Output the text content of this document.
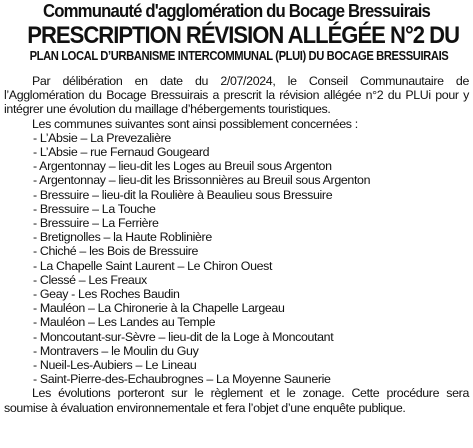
Communauté d'agglomération du Bocage Bressuirais
PRESCRIPTION RÉVISION ALLÉGÉE N°2 DU
PLAN LOCAL D’URBANISME INTERCOMMUNAL (PLUI) DU BOCAGE BRESSUIRAIS

Par délibération en date du 2/07/2024, le Conseil Communautaire de l’Agglomération du Bocage Bressuirais a prescrit la révision allégée n°2 du PLUi pour y intégrer une évolution du maillage d’hébergements touristiques.

Les communes suivantes sont ainsi possiblement concernées :

- L’Absie – La Prevezalière
- L’Absie – rue Fernaud Gougeard
- Argentonnay – lieu-dit les Loges au Breuil sous Argenton
- Argentonnay – lieu-dit les Brissonnières au Breuil sous Argenton
- Bressuire – lieu-dit la Roulière à Beaulieu sous Bressuire
- Bressuire – La Touche
- Bressuire – La Ferrière
- Bretignolles – la Haute Roblinière
- Chiché – les Bois de Bressuire
- La Chapelle Saint Laurent – Le Chiron Ouest
- Clessé – Les Freaux
- Geay - Les Roches Baudin
- Mauléon – La Chironerie à la Chapelle Largeau
- Mauléon – Les Landes au Temple
- Moncoutant-sur-Sèvre – lieu-dit de la Loge à Moncoutant
- Montravers – le Moulin du Guy
- Nueil-Les-Aubiers – Le Lineau
- Saint-Pierre-des-Echaubrognes – La Moyenne Saunerie

Les évolutions porteront sur le règlement et le zonage. Cette procédure sera soumise à évaluation environnementale et fera l’objet d’une enquête publique.
